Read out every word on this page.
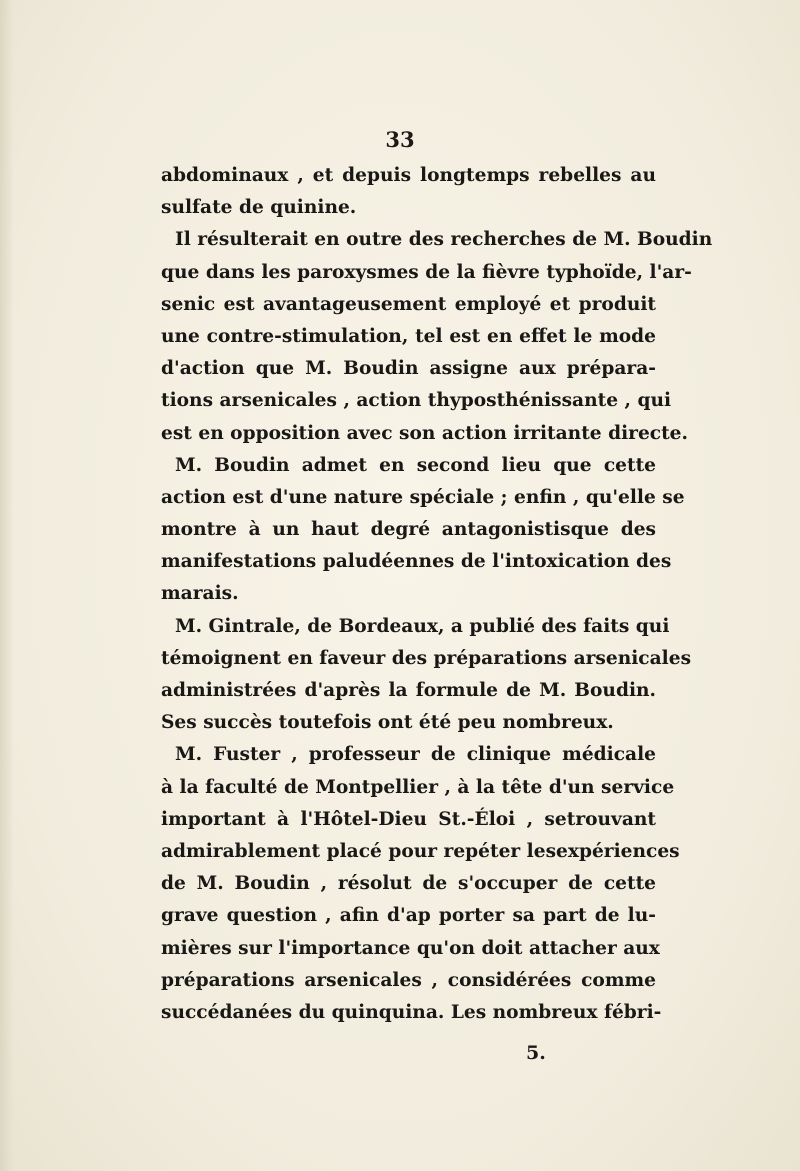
33
abdominaux , et depuis longtemps rebelles au
sulfate de quinine.
Il résulterait en outre des recherches de M. Boudin
que dans les paroxysmes de la fièvre typhoïde, l'ar-
senic est avantageusement employé et produit
une contre-stimulation, tel est en effet le mode
d'action que M. Boudin assigne aux prépara-
tions arsenicales , action thyposthénissante , qui
est en opposition avec son action irritante directe.
M. Boudin admet en second lieu que cette
action est d'une nature spéciale ; enfin , qu'elle se
montre à un haut degré antagonistisque des
manifestations paludéennes de l'intoxication des
marais.
M. Gintrale, de Bordeaux, a publié des faits qui
témoignent en faveur des préparations arsenicales
administrées d'après la formule de M. Boudin.
Ses succès toutefois ont été peu nombreux.
M. Fuster , professeur de clinique médicale
à la faculté de Montpellier , à la tête d'un service
important à l'Hôtel-Dieu St.-Éloi , setrouvant
admirablement placé pour repéter lesexpériences
de M. Boudin , résolut de s'occuper de cette
grave question , afin d'ap porter sa part de lu-
mières sur l'importance qu'on doit attacher aux
préparations arsenicales , considérées comme
succédanées du quinquina. Les nombreux fébri-
5.
